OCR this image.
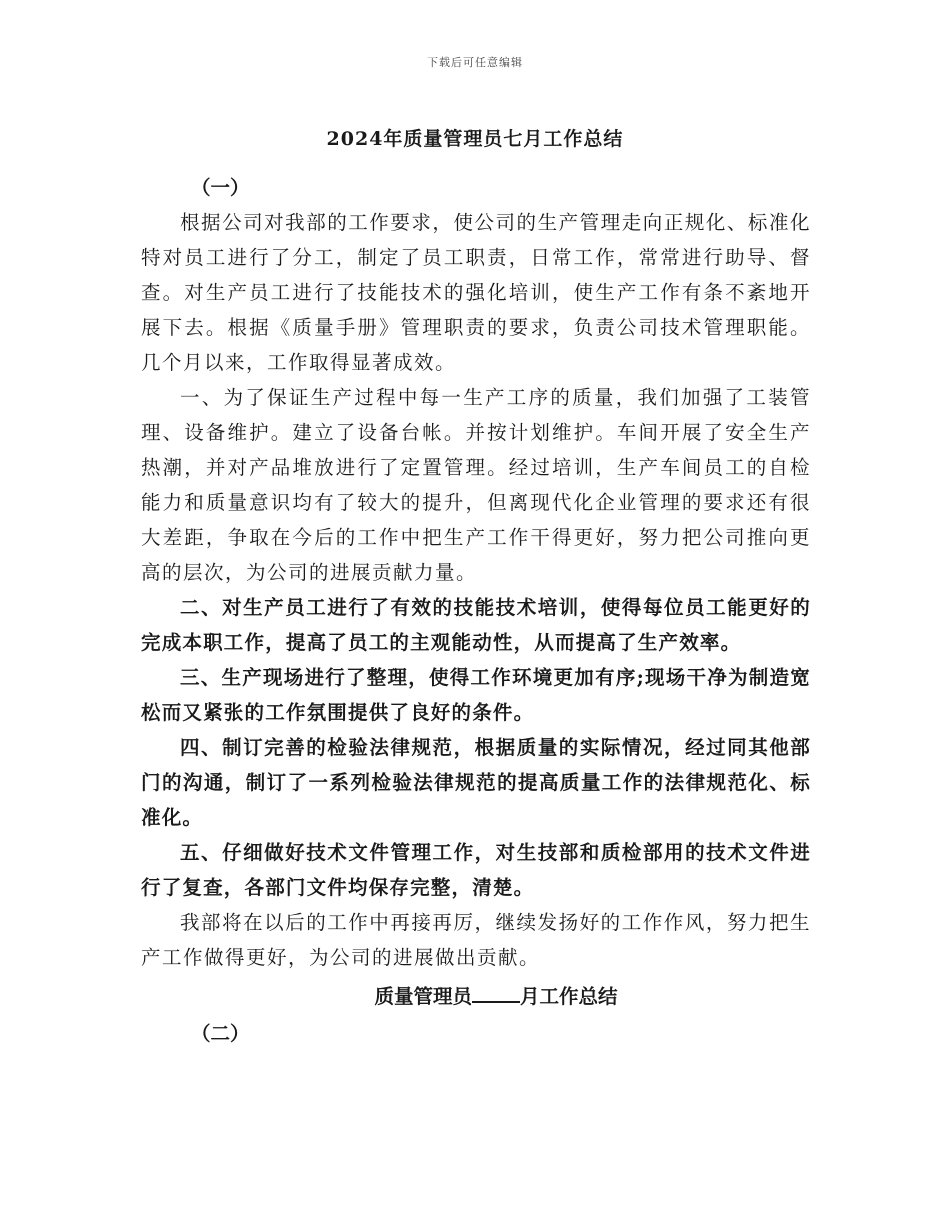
下载后可任意编辑
2024年质量管理员七月工作总结

（一）

根据公司对我部的工作要求，使公司的生产管理走向正规化、标准化特对员工进行了分工，制定了员工职责，日常工作，常常进行助导、督查。对生产员工进行了技能技术的强化培训，使生产工作有条不紊地开展下去。根据《质量手册》管理职责的要求，负责公司技术管理职能。几个月以来，工作取得显著成效。

一、为了保证生产过程中每一生产工序的质量，我们加强了工装管理、设备维护。建立了设备台帐。并按计划维护。车间开展了安全生产热潮，并对产品堆放进行了定置管理。经过培训，生产车间员工的自检能力和质量意识均有了较大的提升，但离现代化企业管理的要求还有很大差距，争取在今后的工作中把生产工作干得更好，努力把公司推向更高的层次，为公司的进展贡献力量。

二、对生产员工进行了有效的技能技术培训，使得每位员工能更好的完成本职工作，提高了员工的主观能动性，从而提高了生产效率。

三、生产现场进行了整理，使得工作环境更加有序;现场干净为制造宽松而又紧张的工作氛围提供了良好的条件。

四、制订完善的检验法律规范，根据质量的实际情况，经过同其他部门的沟通，制订了一系列检验法律规范的提高质量工作的法律规范化、标准化。

五、仔细做好技术文件管理工作，对生技部和质检部用的技术文件进行了复查，各部门文件均保存完整，清楚。

我部将在以后的工作中再接再厉，继续发扬好的工作作风，努力把生产工作做得更好，为公司的进展做出贡献。

质量管理员 月工作总结

（二）
